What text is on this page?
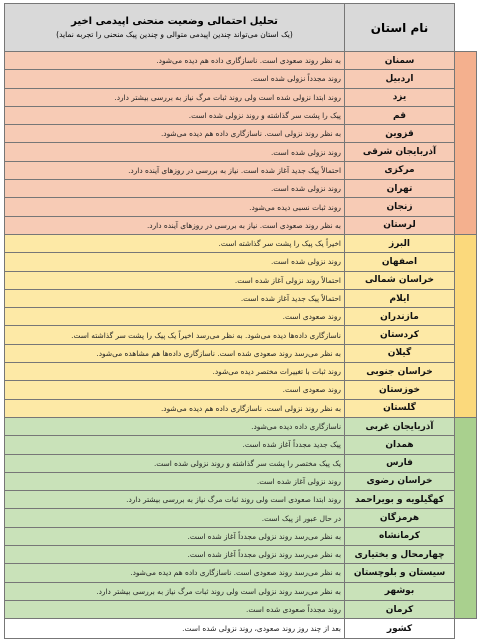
	نام استان	تحلیل احتمالی وضعیت منحنی اپیدمی اخیر
(یک استان می‌تواند چندین اپیدمی متوالی و چندین پیک منحنی را تجربه نماید)

	سمنان	به نظر روند صعودی است. ناسازگاری داده هم دیده می‌شود.
	اردبیل	روند مجدداً نزولی شده است.
	یزد	روند ابتدا نزولی شده است ولی روند ثبات مرگ نیاز به بررسی بیشتر دارد.
	قم	پیک را پشت سر گذاشته و روند نزولی شده است.
	قزوین	به نظر روند نزولی است. ناسازگاری داده هم دیده می‌شود.
	آذربایجان شرقی	روند نزولی شده است.
	مرکزی	احتمالاً پیک جدید آغاز شده است. نیاز به بررسی در روزهای آینده دارد.
	تهران	روند نزولی شده است.
	زنجان	روند ثبات نسبی دیده می‌شود.
	لرستان	به نظر روند صعودی است. نیاز به بررسی در روزهای آینده دارد.
	البرز	اخیراً یک پیک را پشت سر گذاشته است.
	اصفهان	روند نزولی شده است.
	خراسان شمالی	احتمالاً روند نزولی آغاز شده است.
	ایلام	احتمالاً پیک جدید آغاز شده است.
	مازندران	روند صعودی است.
	کردستان	ناسازگاری داده‌ها دیده می‌شود. به نظر می‌رسد اخیراً یک پیک را پشت سر گذاشته است.
	گیلان	به نظر می‌رسد روند صعودی شده است. ناسازگاری داده‌ها هم مشاهده می‌شود.
	خراسان جنوبی	روند ثبات با تغییرات مختصر دیده می‌شود.
	خوزستان	روند صعودی است.
	گلستان	به نظر روند نزولی است. ناسازگاری داده هم دیده می‌شود.
	آذربایجان غربی	ناسازگاری داده دیده می‌شود.
	همدان	پیک جدید مجدداً آغاز شده است.
	فارس	یک پیک مختصر را پشت سر گذاشته و روند نزولی شده است.
	خراسان رضوی	روند نزولی آغاز شده است.
	کهگیلویه و بویراحمد	روند ابتدا صعودی است ولی روند ثبات مرگ نیاز به بررسی بیشتر دارد.
	هرمزگان	در حال عبور از پیک است.
	کرمانشاه	به نظر می‌رسد روند نزولی مجدداً آغاز شده است.
	چهارمحال و بختیاری	به نظر می‌رسد روند نزولی مجدداً آغاز شده است.
	سیستان و بلوچستان	به نظر می‌رسد روند صعودی است. ناسازگاری داده هم دیده می‌شود.
	بوشهر	به نظر می‌رسد روند نزولی است ولی روند ثبات مرگ نیاز به بررسی بیشتر دارد.
	کرمان	روند مجدداً صعودی شده است.
	کشور	بعد از چند روز روند صعودی، روند نزولی شده است.
